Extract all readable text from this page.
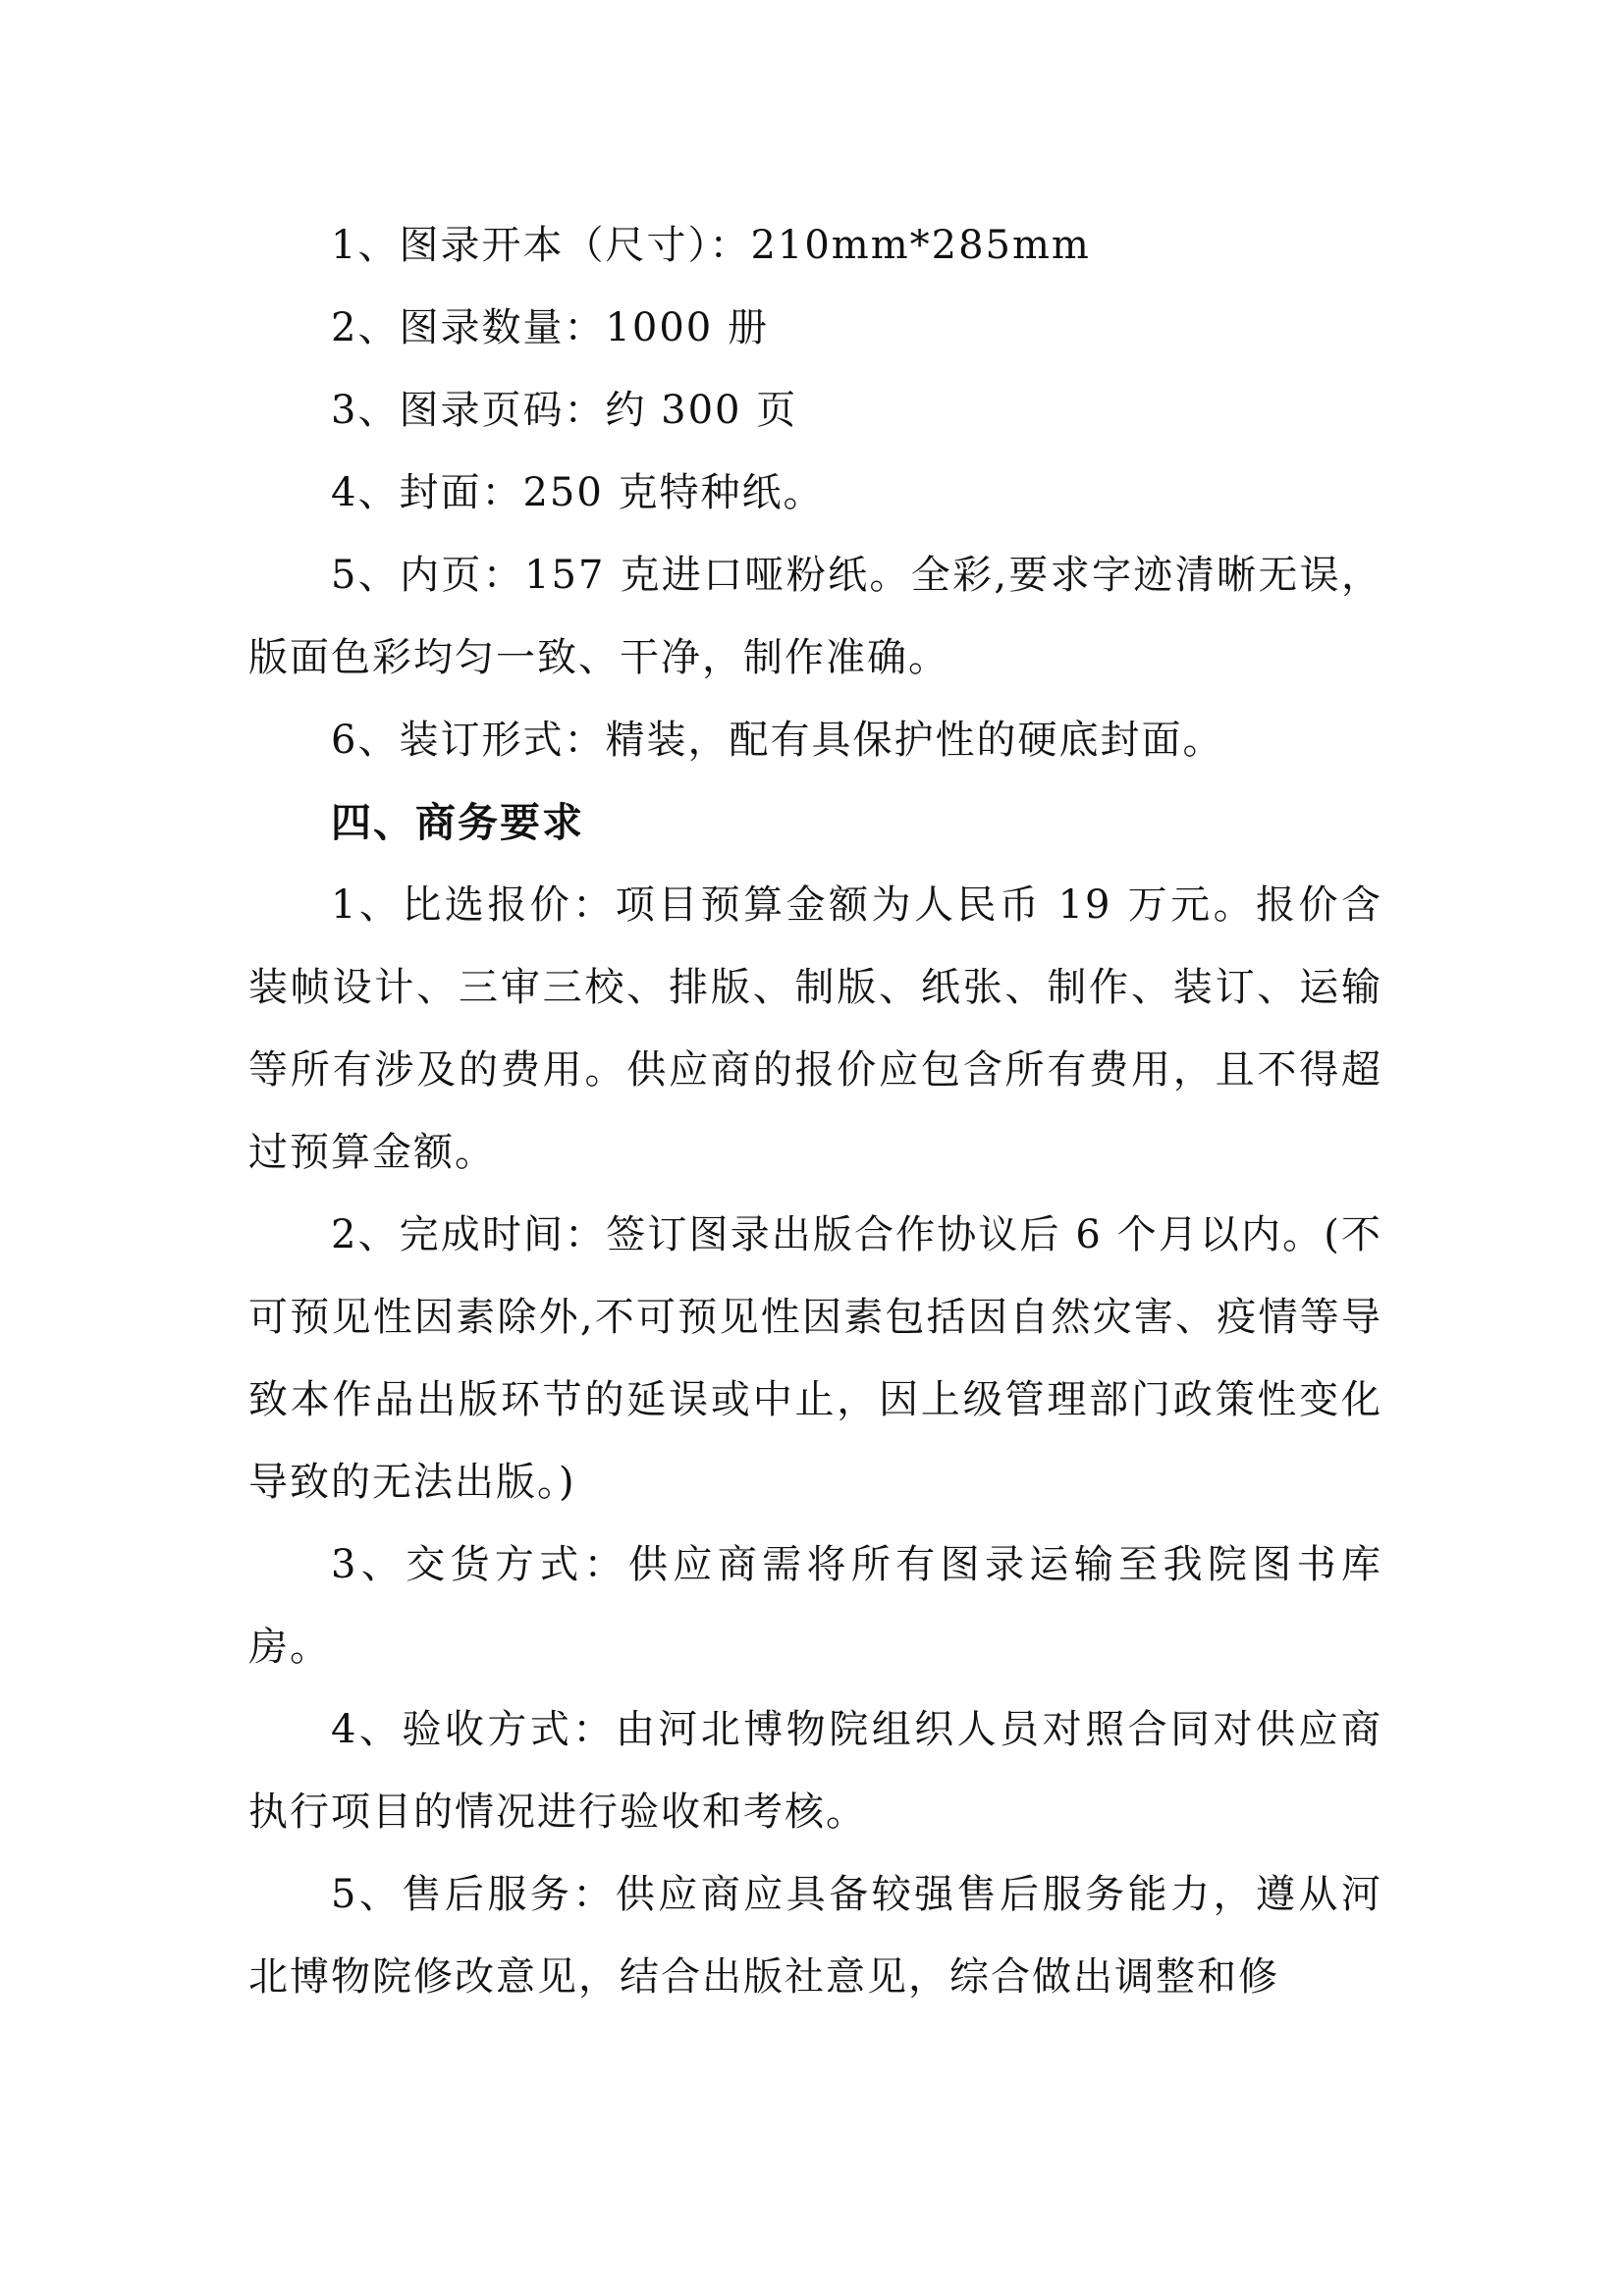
1、图录开本（尺寸）：210mm*285mm

2、图录数量：1000 册

3、图录页码：约 300 页

4、封面：250 克特种纸。

5、内页：157 克进口哑粉纸。全彩,要求字迹清晰无误，版面色彩均匀一致、干净，制作准确。

6、装订形式：精装，配有具保护性的硬底封面。

四、商务要求

1、比选报价：项目预算金额为人民币 19 万元。报价含装帧设计、三审三校、排版、制版、纸张、制作、装订、运输等所有涉及的费用。供应商的报价应包含所有费用，且不得超过预算金额。

2、完成时间：签订图录出版合作协议后 6 个月以内。(不可预见性因素除外,不可预见性因素包括因自然灾害、疫情等导致本作品出版环节的延误或中止，因上级管理部门政策性变化导致的无法出版。)

3、交货方式：供应商需将所有图录运输至我院图书库房。

4、验收方式：由河北博物院组织人员对照合同对供应商执行项目的情况进行验收和考核。

5、售后服务：供应商应具备较强售后服务能力，遵从河北博物院修改意见，结合出版社意见，综合做出调整和修
